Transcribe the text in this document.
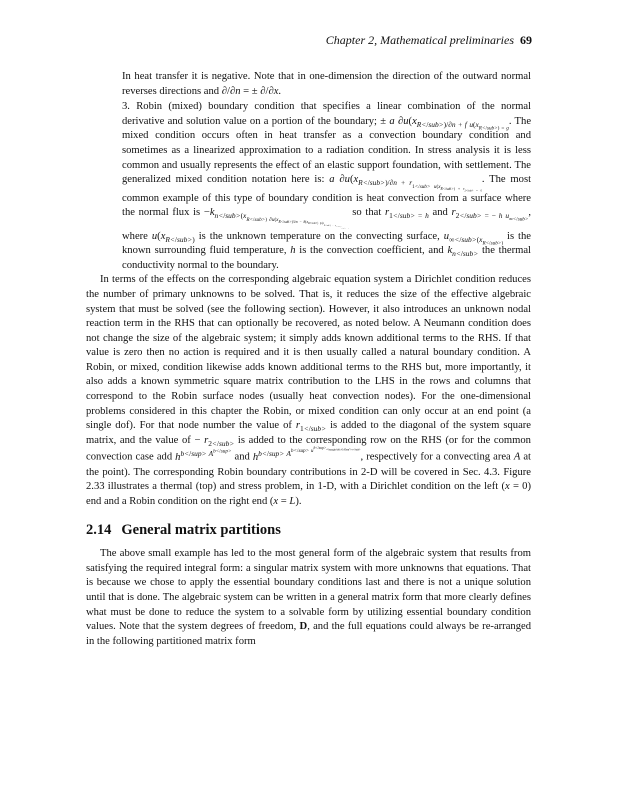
Chapter 2, Mathematical preliminaries 69

In heat transfer it is negative. Note that in one-dimension the direction of the outward normal reverses directions and ∂/∂n = ± ∂/∂x.

3. Robin (mixed) boundary condition that specifies a linear combination of the normal derivative and solution value on a portion of the boundary; ± a $\partial u(x_{R</sub>)/\partial n + f u(x_{R</sub>) = g}}$. The mixed condition occurs often in heat transfer as a convection boundary condition and sometimes as a linearized approximation to a radiation condition. In stress analysis it is less common and usually represents the effect of an elastic support foundation, with settlement. The generalized mixed condition notation here is: a $\partial u(x_{R</sub>)/\partial n + r_{1</sub> u(x_{R</sub>) + r_{2</sub> = 0}}}}$. The most common example of this type of boundary condition is heat convection from a surface where the normal flux is $-k_{n</sub>(x_{R</sub>) \partial u(x_{R</sub>)/\partial n - h(x_{R</sub>) [u(x_{R</sub>) - u_{\infty</sub>(x}}}}}}$ so that $r_{1</sub> = h}$ and $r_{2</sub> = - h u_{\infty</sub>}}$, where $u(x_{R</sub>)}$ is the unknown temperature on the convecting surface, $u_{\infty</sub>(x_{R</sub>)}}$ is the known surrounding fluid temperature, h is the convection coefficient, and $k_{n</sub>}$ the thermal conductivity normal to the boundary.

In terms of the effects on the corresponding algebraic equation system a Dirichlet condition reduces the number of primary unknowns to be solved. That is, it reduces the size of the effective algebraic system that must be solved (see the following section). However, it also introduces an unknown nodal reaction term in the RHS that can optionally be recovered, as noted below. A Neumann condition does not change the size of the algebraic system; it simply adds known additional terms to the RHS. If that value is zero then no action is required and it is then usually called a natural boundary condition. A Robin, or mixed, condition likewise adds known additional terms to the RHS but, more importantly, it also adds a known symmetric square matrix contribution to the LHS in the rows and columns that correspond to the Robin surface nodes (usually heat convection nodes). For the one-dimensional problems considered in this chapter the Robin, or mixed condition can only occur at an end point (a single dof). For that node number the value of $r_{1</sub>}$ is added to the diagonal of the system square matrix, and the value of − $r_{2</sub>}$ is added to the corresponding row on the RHS (or for the common convection case add $h^{b</sup> A^{b</sup>}}$ and $h^{b</sup> A^{b</sup> u^{b</sup>_{="margin-left:-0.45em">\infty</sub>}}}}$, respectively for a convecting area A at the point). The corresponding Robin boundary contributions in 2-D will be covered in Sec. 4.3. Figure 2.33 illustrates a thermal (top) and stress problem, in 1-D, with a Dirichlet condition on the left (x = 0) end and a Robin condition on the right end (x = L).

2.14 General matrix partitions

The above small example has led to the most general form of the algebraic system that results from satisfying the required integral form: a singular matrix system with more unknowns that equations. That is because we chose to apply the essential boundary conditions last and there is not a unique solution until that is done. The algebraic system can be written in a general matrix form that more clearly defines what must be done to reduce the system to a solvable form by utilizing essential boundary condition values. Note that the system degrees of freedom, D, and the full equations could always be re-arranged in the following partitioned matrix form
